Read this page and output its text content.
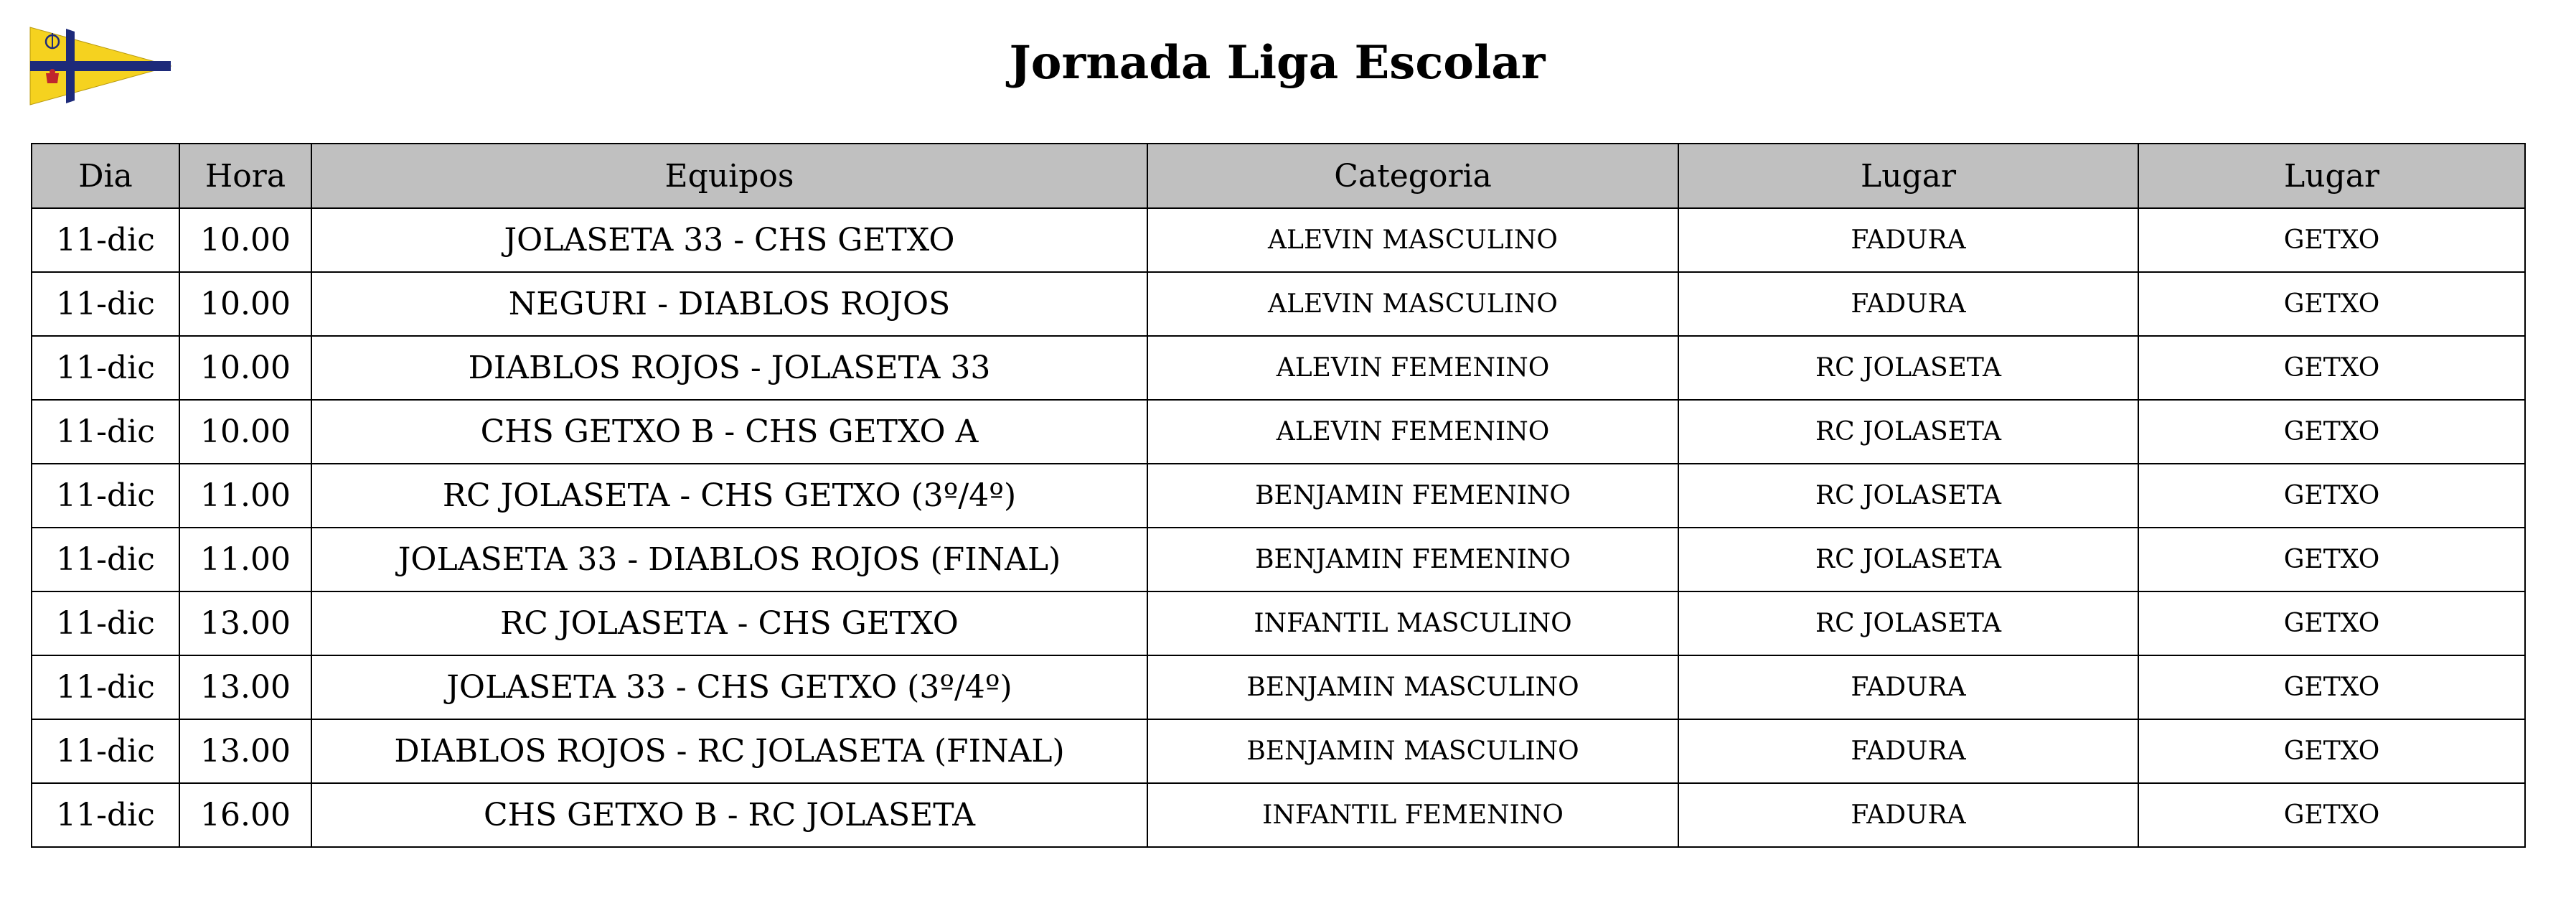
Jornada Liga Escolar
Dia	Hora	Equipos	Categoria	Lugar	Lugar
11-dic	10.00	JOLASETA 33 - CHS GETXO	ALEVIN MASCULINO	FADURA	GETXO
11-dic	10.00	NEGURI - DIABLOS ROJOS	ALEVIN MASCULINO	FADURA	GETXO
11-dic	10.00	DIABLOS ROJOS - JOLASETA 33	ALEVIN FEMENINO	RC JOLASETA	GETXO
11-dic	10.00	CHS GETXO B - CHS GETXO A	ALEVIN FEMENINO	RC JOLASETA	GETXO
11-dic	11.00	RC JOLASETA - CHS GETXO (3º/4º)	BENJAMIN FEMENINO	RC JOLASETA	GETXO
11-dic	11.00	JOLASETA 33 - DIABLOS ROJOS (FINAL)	BENJAMIN FEMENINO	RC JOLASETA	GETXO
11-dic	13.00	RC JOLASETA - CHS GETXO	INFANTIL MASCULINO	RC JOLASETA	GETXO
11-dic	13.00	JOLASETA 33 - CHS GETXO (3º/4º)	BENJAMIN MASCULINO	FADURA	GETXO
11-dic	13.00	DIABLOS ROJOS - RC JOLASETA (FINAL)	BENJAMIN MASCULINO	FADURA	GETXO
11-dic	16.00	CHS GETXO B - RC JOLASETA	INFANTIL FEMENINO	FADURA	GETXO
